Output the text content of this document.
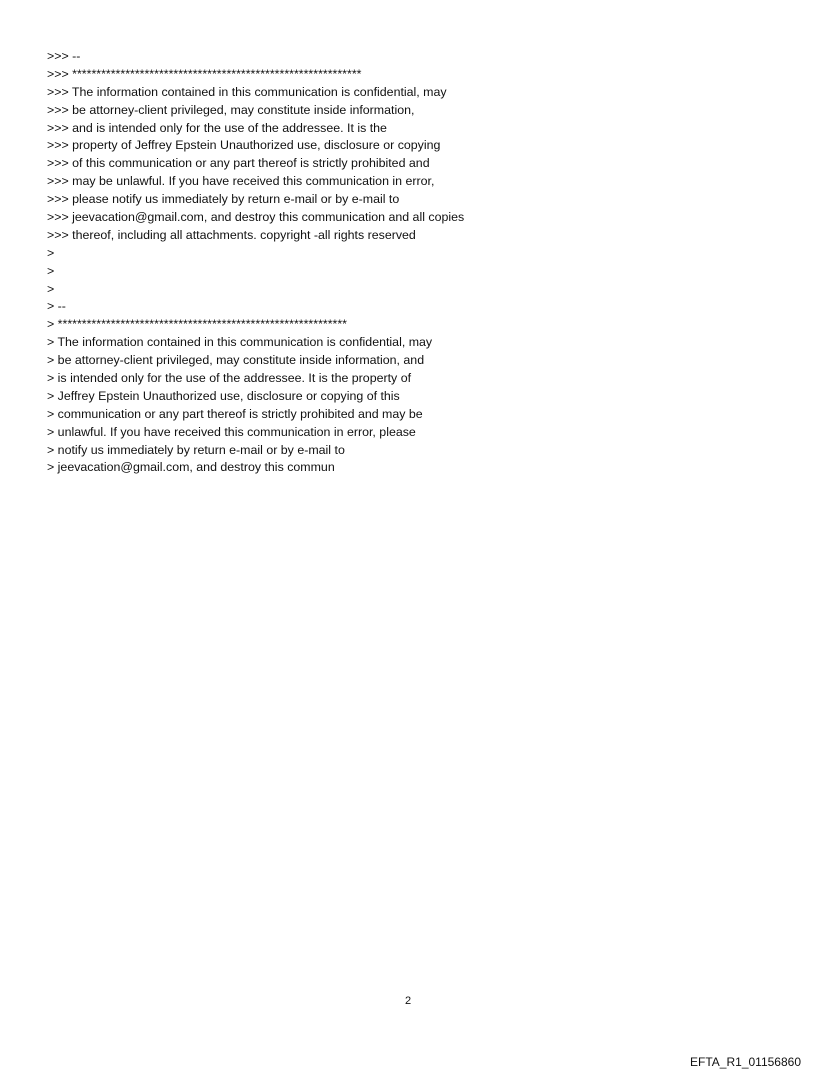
>>> --
>>> ************************************************************
>>> The information contained in this communication is confidential, may
>>> be attorney-client privileged, may constitute inside information,
>>> and is intended only for the use of the addressee. It is the
>>> property of Jeffrey Epstein Unauthorized use, disclosure or copying
>>> of this communication or any part thereof is strictly prohibited and
>>> may be unlawful. If you have received this communication in error,
>>> please notify us immediately by return e-mail or by e-mail to
>>> jeevacation@gmail.com, and destroy this communication and all copies
>>> thereof, including all attachments. copyright -all rights reserved
>
>
>
> --
> ************************************************************
> The information contained in this communication is confidential, may
> be attorney-client privileged, may constitute inside information, and
> is intended only for the use of the addressee. It is the property of
> Jeffrey Epstein Unauthorized use, disclosure or copying of this
> communication or any part thereof is strictly prohibited and may be
> unlawful. If you have received this communication in error, please
> notify us immediately by return e-mail or by e-mail to
> jeevacation@gmail.com, and destroy this commun
2
EFTA_R1_01156860
